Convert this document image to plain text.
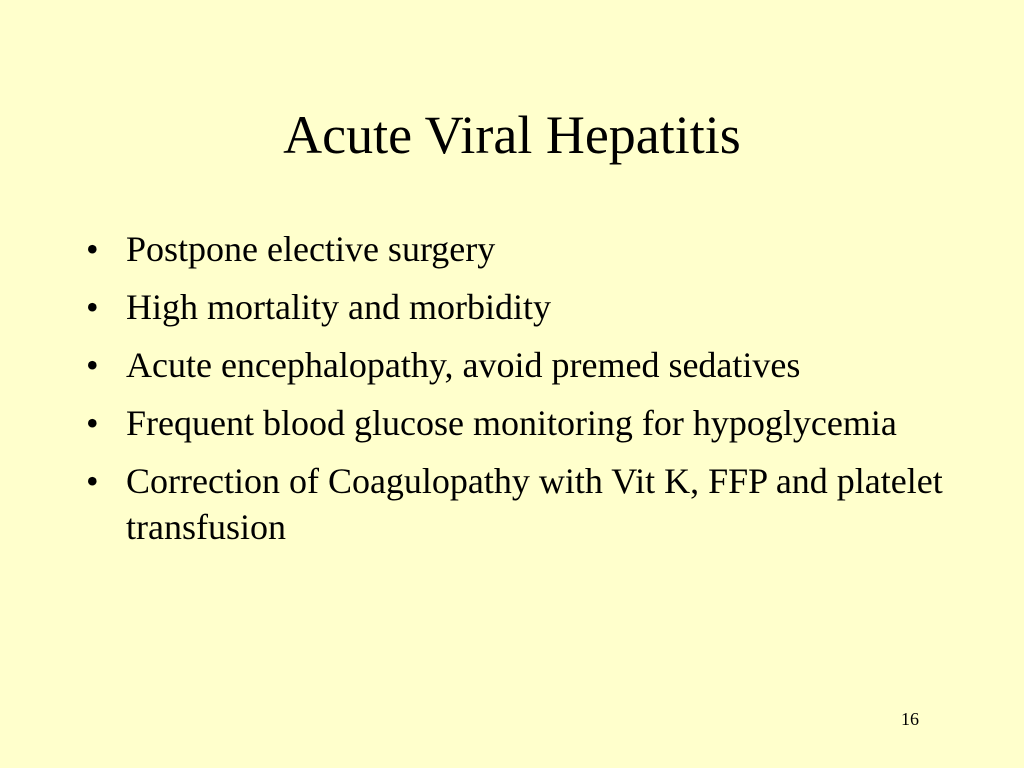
Acute Viral Hepatitis
• Postpone elective surgery
• High mortality and morbidity
• Acute encephalopathy, avoid premed sedatives
• Frequent blood glucose monitoring for hypoglycemia
• Correction of Coagulopathy with Vit K, FFP and platelet transfusion
16
